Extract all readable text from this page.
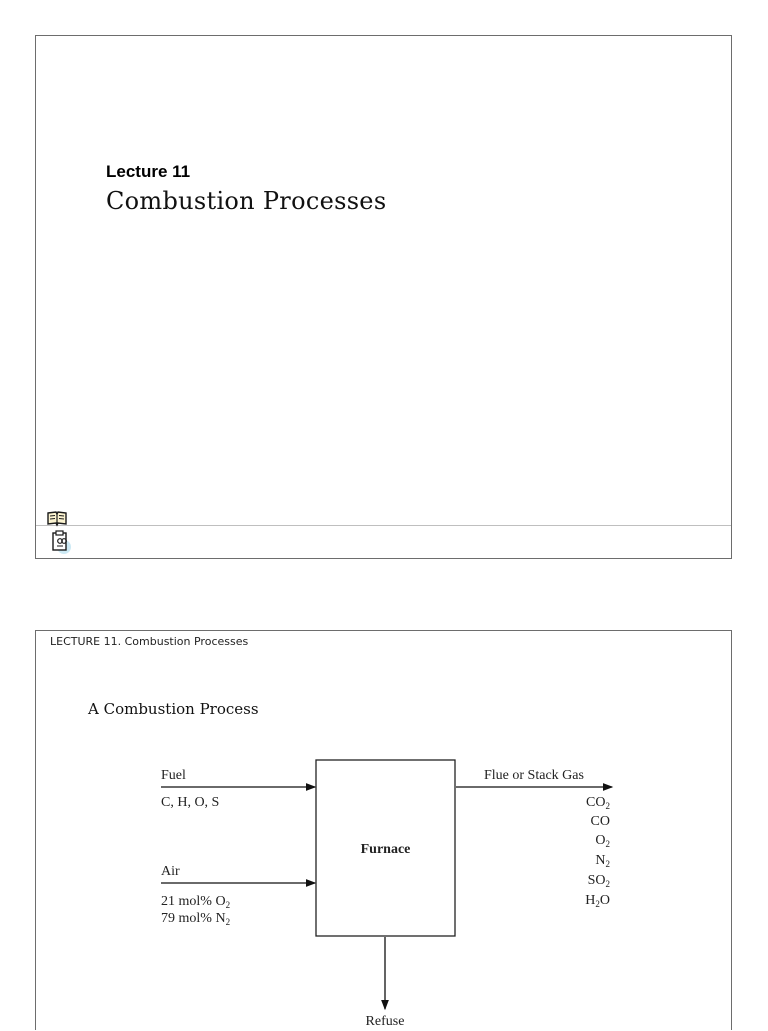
Lecture 11
Combustion Processes
LECTURE 11. Combustion Processes
A Combustion Process
Furnace
Fuel
C, H, O, S
Air
21 mol% $O_2$
79 mol% $N_2$
Flue or Stack Gas
$CO_2$
CO
$O_2$
$N_2$
$SO_2$
$H_2O$
Refuse
